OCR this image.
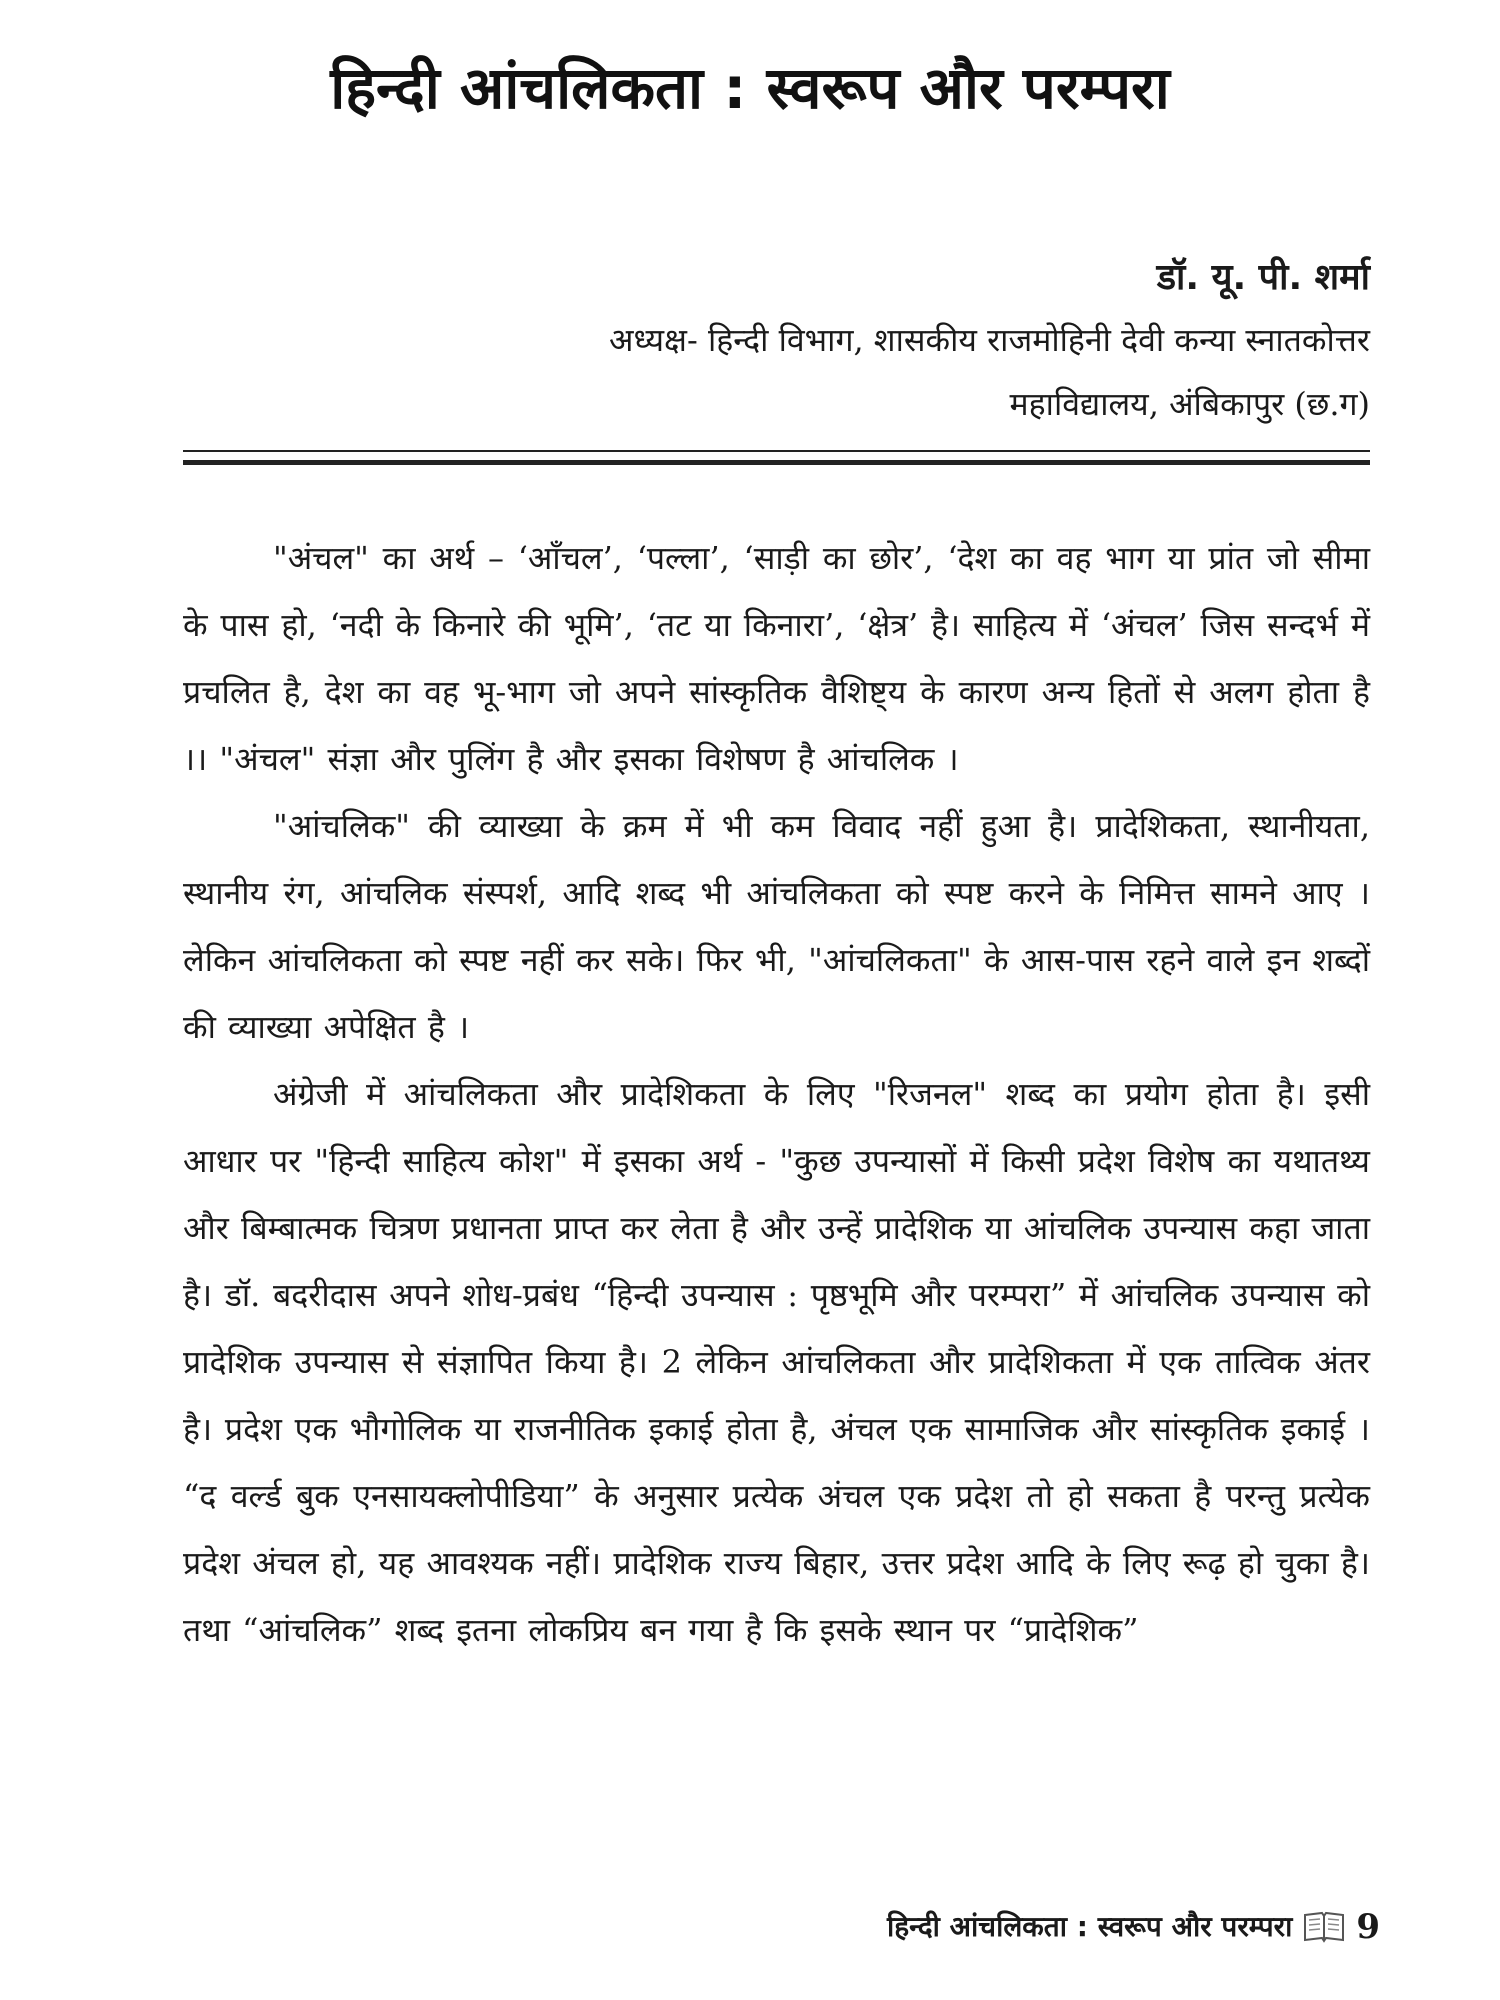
हिन्दी आंचलिकता : स्वरूप और परम्परा

डॉ. यू. पी. शर्मा

अध्यक्ष- हिन्दी विभाग, शासकीय राजमोहिनी देवी कन्या स्नातकोत्तर

महाविद्यालय, अंबिकापुर (छ.ग)

"अंचल" का अर्थ – ‘आँचल’, ‘पल्ला’, ‘साड़ी का छोर’, ‘देश का वह भाग या प्रांत जो सीमा के पास हो, ‘नदी के किनारे की भूमि’, ‘तट या किनारा’, ‘क्षेत्र’ है। साहित्य में ‘अंचल’ जिस सन्दर्भ में प्रचलित है, देश का वह भू-भाग जो अपने सांस्कृतिक वैशिष्ट्य के कारण अन्य हितों से अलग होता है ।। "अंचल" संज्ञा और पुलिंग है और इसका विशेषण है आंचलिक ।

"आंचलिक" की व्याख्या के क्रम में भी कम विवाद नहीं हुआ है। प्रादेशिकता, स्थानीयता, स्थानीय रंग, आंचलिक संस्पर्श, आदि शब्द भी आंचलिकता को स्पष्ट करने के निमित्त सामने आए । लेकिन आंचलिकता को स्पष्ट नहीं कर सके। फिर भी, "आंचलिकता" के आस-पास रहने वाले इन शब्दों की व्याख्या अपेक्षित है ।

अंग्रेजी में आंचलिकता और प्रादेशिकता के लिए "रिजनल" शब्द का प्रयोग होता है। इसी आधार पर "हिन्दी साहित्य कोश" में इसका अर्थ - "कुछ उपन्यासों में किसी प्रदेश विशेष का यथातथ्य और बिम्बात्मक चित्रण प्रधानता प्राप्त कर लेता है और उन्हें प्रादेशिक या आंचलिक उपन्यास कहा जाता है। डॉ. बदरीदास अपने शोध-प्रबंध “हिन्दी उपन्यास : पृष्ठभूमि और परम्परा” में आंचलिक उपन्यास को प्रादेशिक उपन्यास से संज्ञापित किया है। 2 लेकिन आंचलिकता और प्रादेशिकता में एक तात्विक अंतर है। प्रदेश एक भौगोलिक या राजनीतिक इकाई होता है, अंचल एक सामाजिक और सांस्कृतिक इकाई । “द वर्ल्ड बुक एनसायक्लोपीडिया” के अनुसार प्रत्येक अंचल एक प्रदेश तो हो सकता है परन्तु प्रत्येक प्रदेश अंचल हो, यह आवश्यक नहीं। प्रादेशिक राज्य बिहार, उत्तर प्रदेश आदि के लिए रूढ़ हो चुका है। तथा “आंचलिक” शब्द इतना लोकप्रिय बन गया है कि इसके स्थान पर “प्रादेशिक”

हिन्दी आंचलिकता : स्वरूप और परम्परा 9
